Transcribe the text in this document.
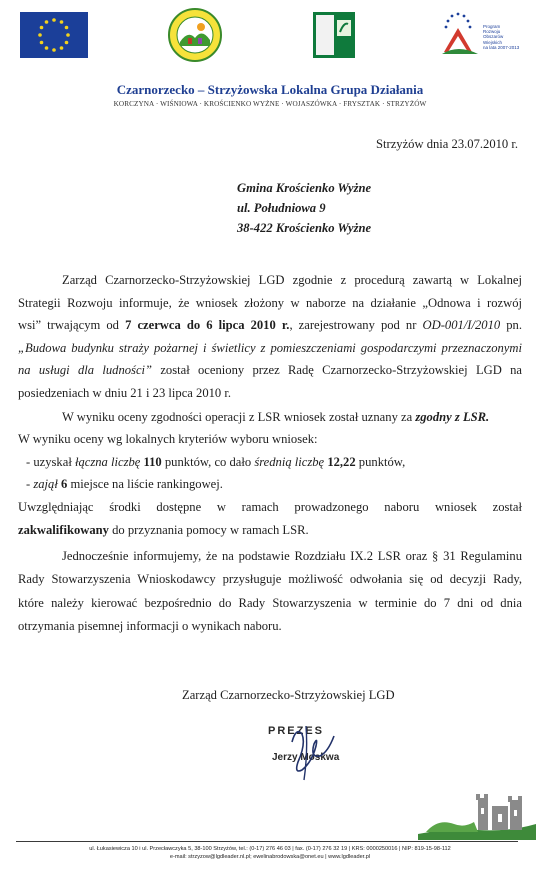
Program
Rozwoju
Obszarów
Wiejskich
na lata 2007-2013
Czarnorzecko – Strzyżowska Lokalna Grupa Działania
KORCZYNA · WIŚNIOWA · KROŚCIENKO WYŻNE · WOJASZÓWKA · FRYSZTAK · STRZYŻÓW
Strzyżów dnia 23.07.2010 r.
Gmina Krościenko Wyżne
ul. Południowa 9
38-422 Krościenko Wyżne
Zarząd Czarnorzecko-Strzyżowskiej LGD zgodnie z procedurą zawartą w Lokalnej
Strategii Rozwoju informuje, że wniosek złożony w naborze na działanie „Odnowa i rozwój
wsi” trwającym od 7 czerwca do 6 lipca 2010 r., zarejestrowany pod nr OD-001/I/2010 pn.
„Budowa budynku straży pożarnej i świetlicy z pomieszczeniami gospodarczymi przeznaczonymi
na usługi dla ludności” został oceniony przez Radę Czarnorzecko-Strzyżowskiej LGD na
posiedzeniach w dniu 21 i 23 lipca 2010 r.
W wyniku oceny zgodności operacji z LSR wniosek został uznany za zgodny z LSR.
W wyniku oceny wg lokalnych kryteriów wyboru wniosek:
- uzyskał łączna liczbę 110 punktów, co dało średnią liczbę 12,22 punktów,
- zajął 6 miejsce na liście rankingowej.
Uwzględniając środki dostępne w ramach prowadzonego naboru wniosek został
zakwalifikowany do przyznania pomocy w ramach LSR.
Jednocześnie informujemy, że na podstawie Rozdziału IX.2 LSR oraz § 31 Regulaminu
Rady Stowarzyszenia Wnioskodawcy przysługuje możliwość odwołania się od decyzji Rady,
które należy kierować bezpośrednio do Rady Stowarzyszenia w terminie do 7 dni od dnia
otrzymania pisemnej informacji o wynikach naboru.
Zarząd Czarnorzecko-Strzyżowskiej LGD
PREZES
Jerzy Moskwa
ul. Łukasiewicza 10 i ul. Przecławczyka 5, 38-100 Strzyżów, tel.: (0-17) 276 46 03 | fax. (0-17) 276 32 19 | KRS: 0000250016 | NIP: 819-15-98-112
e-mail: strzyzow@lgdleader.nl.pl; ewelinabrodowska@onet.eu | www.lgdleader.pl
